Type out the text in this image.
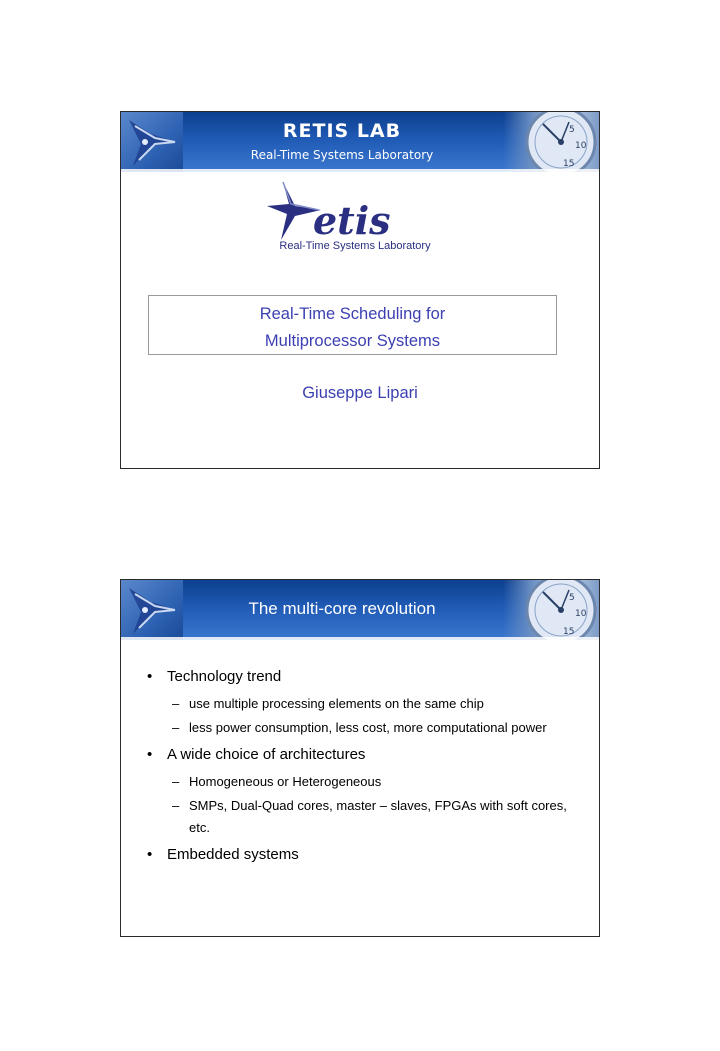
RETIS LAB
Real-Time Systems Laboratory
5
10
15
etis
Real-Time Systems Laboratory
Real-Time Scheduling for
Multiprocessor Systems
Giuseppe Lipari
The multi-core revolution
5
10
15
• Technology trend
– use multiple processing elements on the same chip
– less power consumption, less cost, more computational power
• A wide choice of architectures
– Homogeneous or Heterogeneous
– SMPs, Dual-Quad cores, master – slaves, FPGAs with soft cores, etc.
• Embedded systems
